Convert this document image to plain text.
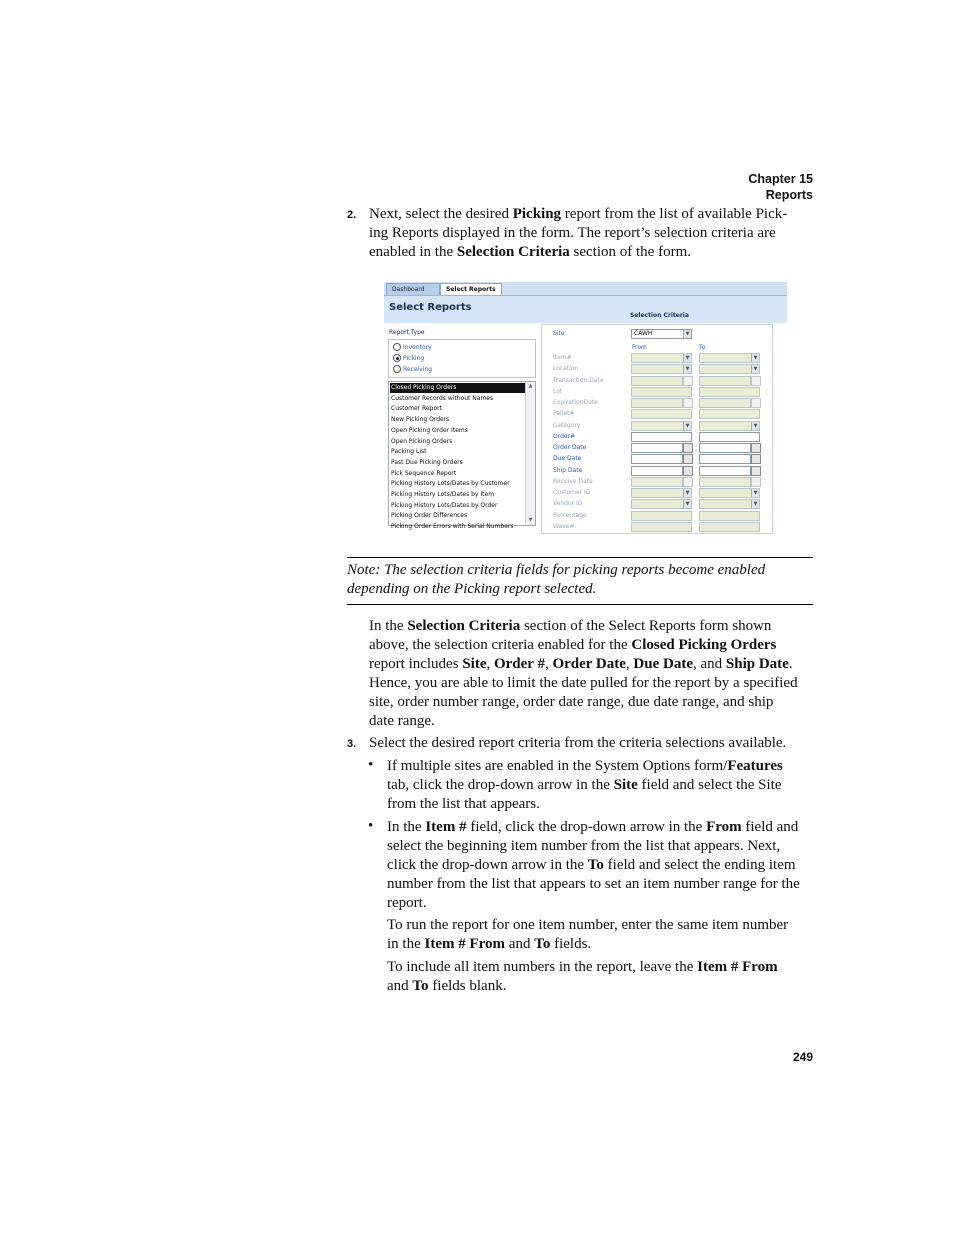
Chapter 15
Reports
2. Next, select the desired Picking report from the list of available Pick-
ing Reports displayed in the form. The report’s selection criteria are
enabled in the Selection Criteria section of the form.

Dashboard	Select Reports
Select Reports
Selection Criteria
Report Type
Inventory
Picking
Receiving
▲
▼
Closed Picking Orders
Customer Records without Names
Customer Report
New Picking Orders
Open Picking Order Items
Open Picking Orders
Packing List
Past Due Picking Orders
Pick Sequence Report
Picking History Lots/Dates by Customer
Picking History Lots/Dates by Item
Picking History Lots/Dates by Order
Picking Order Differences
Picking Order Errors with Serial Numbers
Site	CAWH	▼
From	To
Item#	▼	▼
Location	▼	▼
Transaction Date
Lot
ExpirationDate
Pallet#
Category	▼	▼
Order#
Order Date
Due Date
Ship Date
Receive Date
Customer ID	▼	▼
Vendor ID	▼	▼
Percentage
Wave#

Note: The selection criteria fields for picking reports become enabled
depending on the Picking report selected.

In the Selection Criteria section of the Select Reports form shown
above, the selection criteria enabled for the Closed Picking Orders
report includes Site, Order #, Order Date, Due Date, and Ship Date.
Hence, you are able to limit the date pulled for the report by a specified
site, order number range, order date range, due date range, and ship
date range.

3. Select the desired report criteria from the criteria selections available.

• If multiple sites are enabled in the System Options form/Features
tab, click the drop-down arrow in the Site field and select the Site
from the list that appears.

• In the Item # field, click the drop-down arrow in the From field and
select the beginning item number from the list that appears. Next,
click the drop-down arrow in the To field and select the ending item
number from the list that appears to set an item number range for the
report.

To run the report for one item number, enter the same item number
in the Item # From and To fields.

To include all item numbers in the report, leave the Item # From
and To fields blank.

249
